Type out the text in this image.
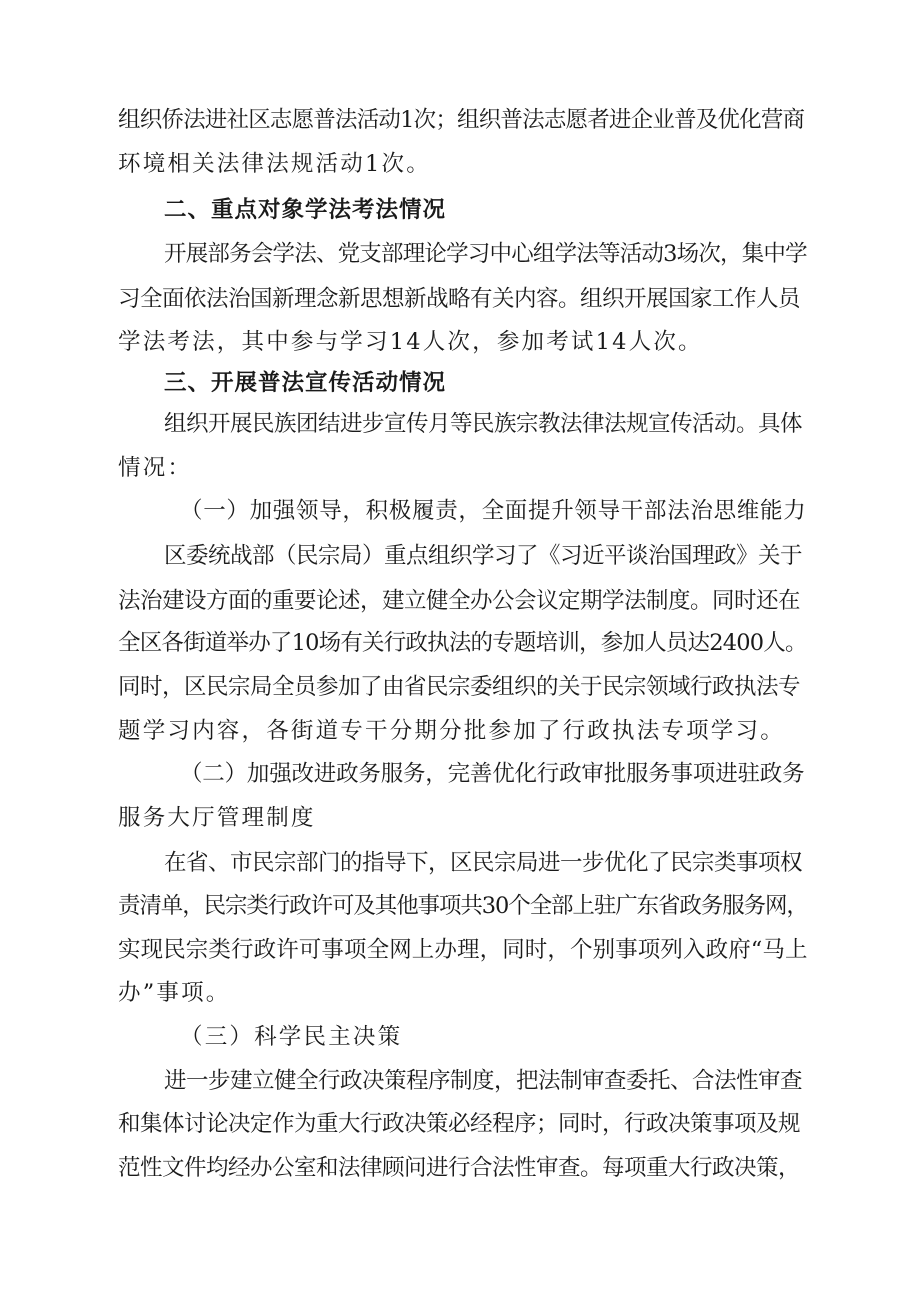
组织侨法进社区志愿普法活动1次；组织普法志愿者进企业普及优化营商
环境相关法律法规活动1次。
二、重点对象学法考法情况
开展部务会学法、党支部理论学习中心组学法等活动3场次，集中学
习全面依法治国新理念新思想新战略有关内容。组织开展国家工作人员
学法考法，其中参与学习14人次，参加考试14人次。
三、开展普法宣传活动情况
组织开展民族团结进步宣传月等民族宗教法律法规宣传活动。具体
情况：
（一）加强领导，积极履责，全面提升领导干部法治思维能力
区委统战部（民宗局）重点组织学习了《习近平谈治国理政》关于
法治建设方面的重要论述，建立健全办公会议定期学法制度。同时还在
全区各街道举办了10场有关行政执法的专题培训，参加人员达2400人。
同时，区民宗局全员参加了由省民宗委组织的关于民宗领域行政执法专
题学习内容，各街道专干分期分批参加了行政执法专项学习。
（二）加强改进政务服务，完善优化行政审批服务事项进驻政务
服务大厅管理制度
在省、市民宗部门的指导下，区民宗局进一步优化了民宗类事项权
责清单，民宗类行政许可及其他事项共30个全部上驻广东省政务服务网，
实现民宗类行政许可事项全网上办理，同时，个别事项列入政府“马上
办”事项。
（三）科学民主决策
进一步建立健全行政决策程序制度，把法制审查委托、合法性审查
和集体讨论决定作为重大行政决策必经程序；同时，行政决策事项及规
范性文件均经办公室和法律顾问进行合法性审查。每项重大行政决策，
